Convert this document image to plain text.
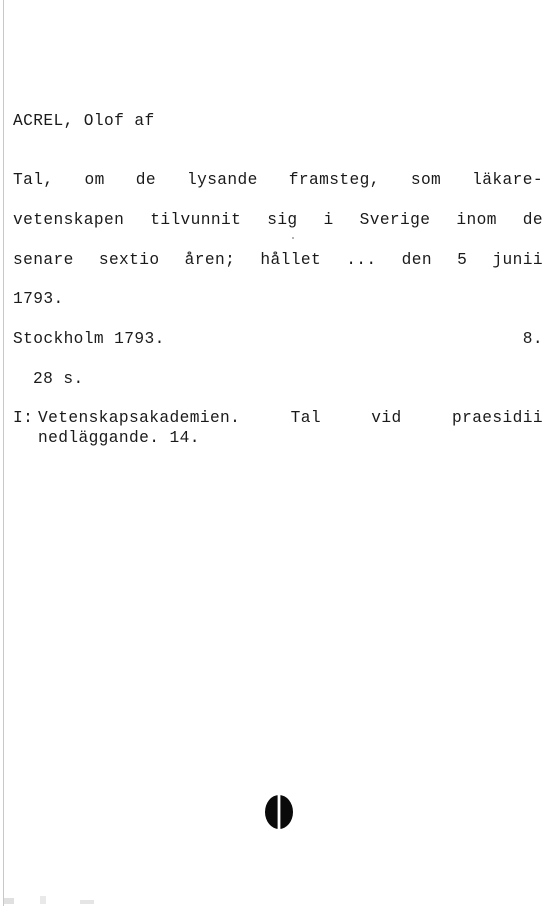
ACREL, Olof af
Tal, om de lysande framsteg, som läkare-
vetenskapen tilvunnit sig i Sverige inom de
senare sextio åren; hållet ... den 5 junii
1793.
Stockholm 1793.	8.
28 s.
I: Vetenskapsakademien. Tal vid praesidii
nedläggande. 14.
